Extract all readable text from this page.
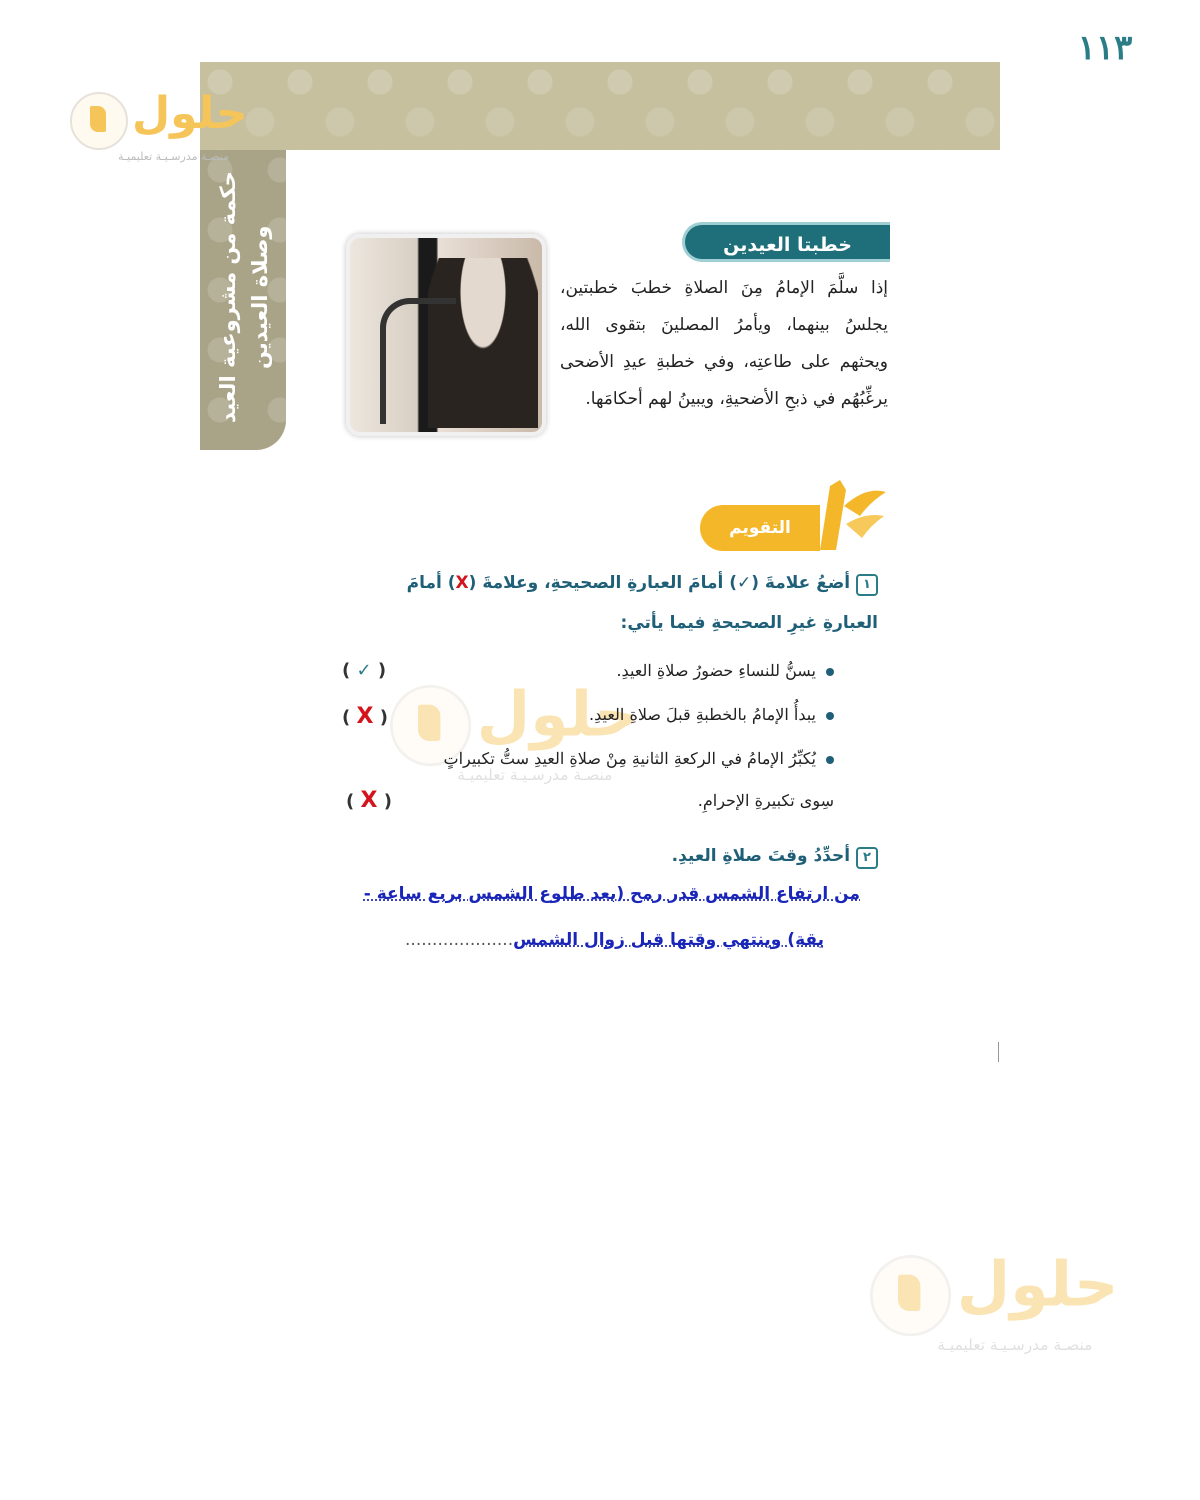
١١٣
حكمة من مشروعية العيد وصلاة العيدين
حلول
منصـة مدرسـيـة تعليميـة
حلول
منصـة مدرسـيـة تعليميـة
حلول
منصـة مدرسـيـة تعليميـة
خطبتا العيدين
إذا سلَّمَ الإمامُ مِنَ الصلاةِ خطبَ خطبتين، يجلسُ بينهما، ويأمرُ المصلينَ بتقوى الله، ويحثهم على طاعتِه، وفي خطبةِ عيدِ الأضحى يرغِّبُهُم في ذبحِ الأضحيةِ، ويبينُ لهم أحكامَها.
التقويم
١ أضعُ علامةَ (✓) أمامَ العبارةِ الصحيحةِ، وعلامةَ (X) أمامَ العبارةِ غيرِ الصحيحةِ فيما يأتي:
يسنُّ للنساءِ حضورُ صلاةِ العيدِ.
( ✓ )
يبدأُ الإمامُ بالخطبةِ قبلَ صلاةِ العيدِ.
( X )
يُكبِّرُ الإمامُ في الركعةِ الثانيةِ مِنْ صلاةِ العيدِ ستُّ تكبيراتٍ
سِوى تكبيرةِ الإحرامِ.
( X )
٢ أحدِّدُ وقتَ صلاةِ العيدِ.
من ارتفاع الشمس قدر رمح (بعد طلوع الشمس بربع ساعة -
يقة) وينتهي وقتها قبل زوال الشمس....................
